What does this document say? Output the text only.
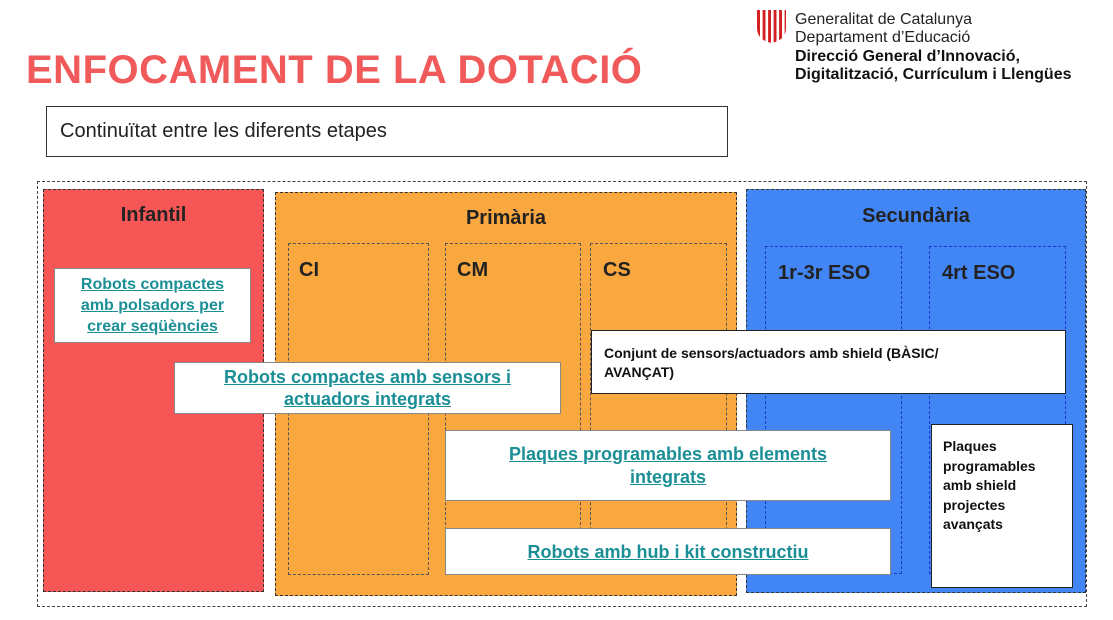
ENFOCAMENT DE LA DOTACIÓ
Generalitat de Catalunya
Departament d’Educació
Direcció General d’Innovació,
Digitalització, Currículum i Llengües
Continuïtat entre les diferents etapes
Infantil	Primària	Secundària
CI	CM	CS	1r-3r ESO	4rt ESO
Robots compactes
amb polsadors per
crear seqüències
Robots compactes amb sensors i
actuadors integrats
Plaques programables amb elements
integrats
Robots amb hub i kit constructiu
Conjunt de sensors/actuadors amb shield (BÀSIC/
AVANÇAT)
Plaques
programables
amb shield
projectes
avançats
